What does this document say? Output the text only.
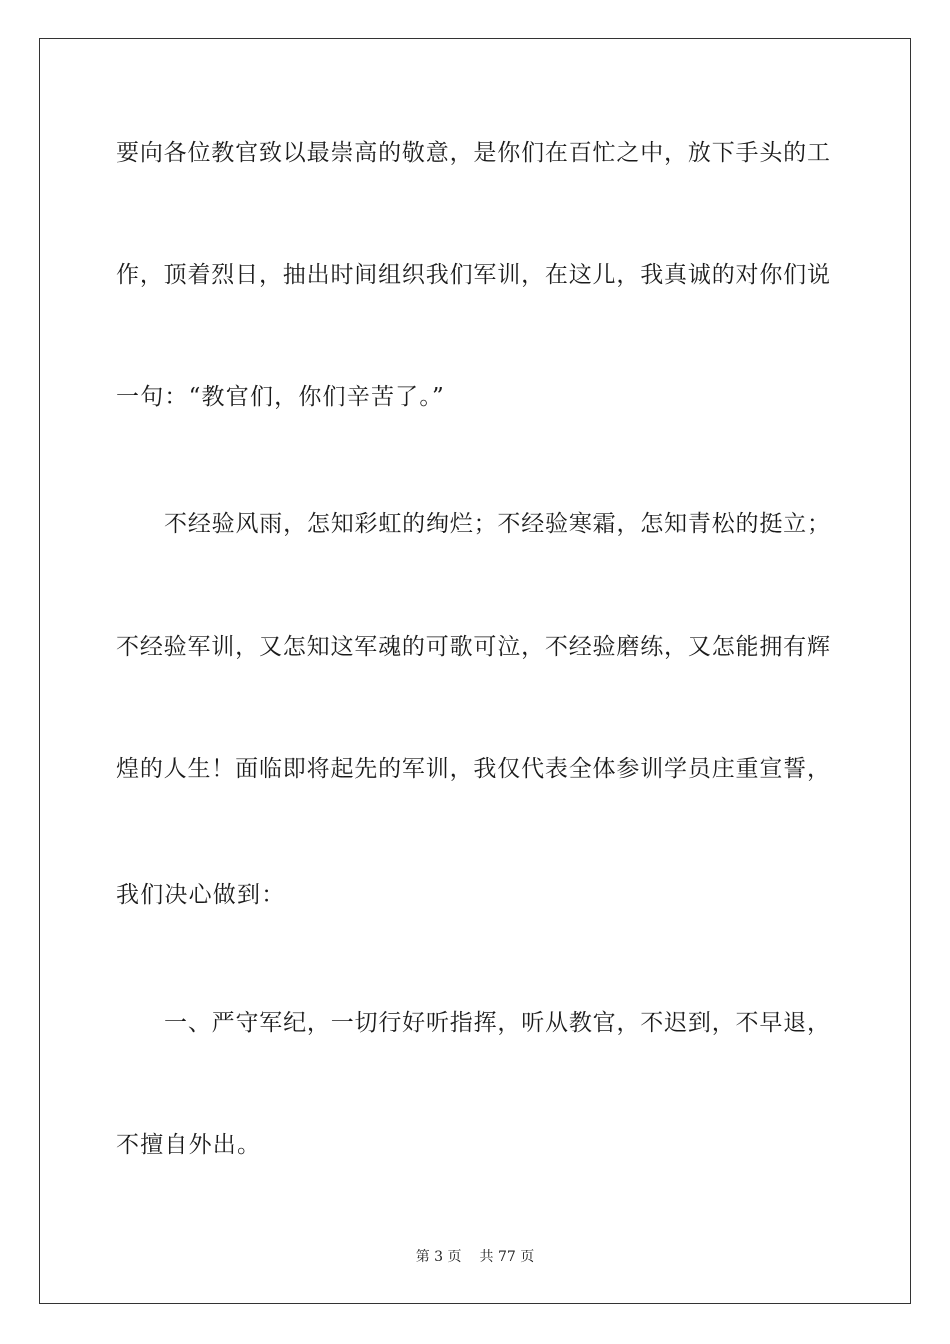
要向各位教官致以最崇高的敬意，是你们在百忙之中，放下手头的工
作，顶着烈日，抽出时间组织我们军训，在这儿，我真诚的对你们说
一句：“教官们，你们辛苦了。”
不经验风雨，怎知彩虹的绚烂；不经验寒霜，怎知青松的挺立；
不经验军训，又怎知这军魂的可歌可泣，不经验磨练，又怎能拥有辉
煌的人生！面临即将起先的军训，我仅代表全体参训学员庄重宣誓，
我们决心做到：
一、严守军纪，一切行好听指挥，听从教官，不迟到，不早退，
不擅自外出。
第 3 页 共 77 页
